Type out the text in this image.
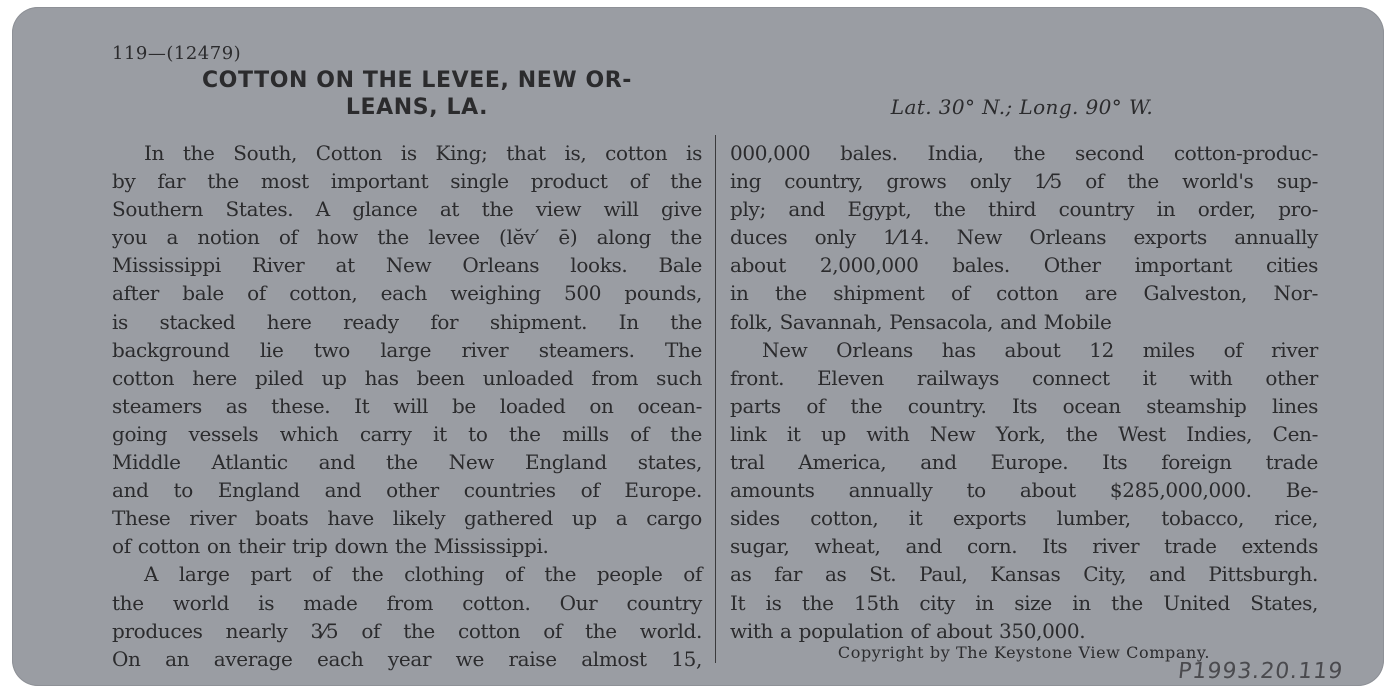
119—(12479)
COTTON ON THE LEVEE, NEW OR-
LEANS, LA.	Lat. 30° N.; Long. 90° W.
In the South, Cotton is King; that is, cotton is
by far the most important single product of the
Southern States. A glance at the view will give
you a notion of how the levee (lĕv′ ē) along the
Mississippi River at New Orleans looks. Bale
after bale of cotton, each weighing 500 pounds,
is stacked here ready for shipment. In the
background lie two large river steamers. The
cotton here piled up has been unloaded from such
steamers as these. It will be loaded on ocean-
going vessels which carry it to the mills of the
Middle Atlantic and the New England states,
and to England and other countries of Europe.
These river boats have likely gathered up a cargo
of cotton on their trip down the Mississippi.
A large part of the clothing of the people of
the world is made from cotton. Our country
produces nearly 3⁄5 of the cotton of the world.
On an average each year we raise almost 15,
000,000 bales. India, the second cotton-produc-
ing country, grows only 1⁄5 of the world's sup-
ply; and Egypt, the third country in order, pro-
duces only 1⁄14. New Orleans exports annually
about 2,000,000 bales. Other important cities
in the shipment of cotton are Galveston, Nor-
folk, Savannah, Pensacola, and Mobile
New Orleans has about 12 miles of river
front. Eleven railways connect it with other
parts of the country. Its ocean steamship lines
link it up with New York, the West Indies, Cen-
tral America, and Europe. Its foreign trade
amounts annually to about $285,000,000. Be-
sides cotton, it exports lumber, tobacco, rice,
sugar, wheat, and corn. Its river trade extends
as far as St. Paul, Kansas City, and Pittsburgh.
It is the 15th city in size in the United States,
with a population of about 350,000.
Copyright by The Keystone View Company.
P1993.20.119
